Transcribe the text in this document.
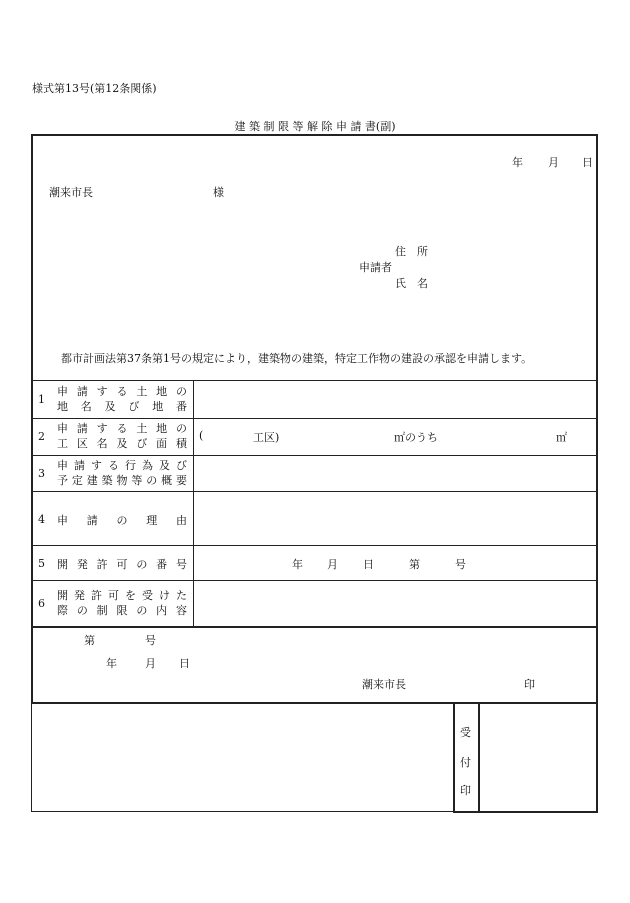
様式第13号(第12条関係)
建 築 制 限 等 解 除 申 請 書(副)
年 月 日
潮来市長	様
住　所
申請者
氏　名
都市計画法第37条第1号の規定により，建築物の建築，特定工作物の建設の承認を申請します。
1
申請する土地の
地名及び地番
2
申請する土地の
工区名及び面積
(	工区)	㎡のうち	㎡
3
申請する行為及び
予定建築物等の概要
4 申　請　の　理　由
5 開発許可の番号	年 月 日	第	号
6
開発許可を受けた
際の制限の内容
第	号
年	月 日
潮来市長	印
受
付
印
